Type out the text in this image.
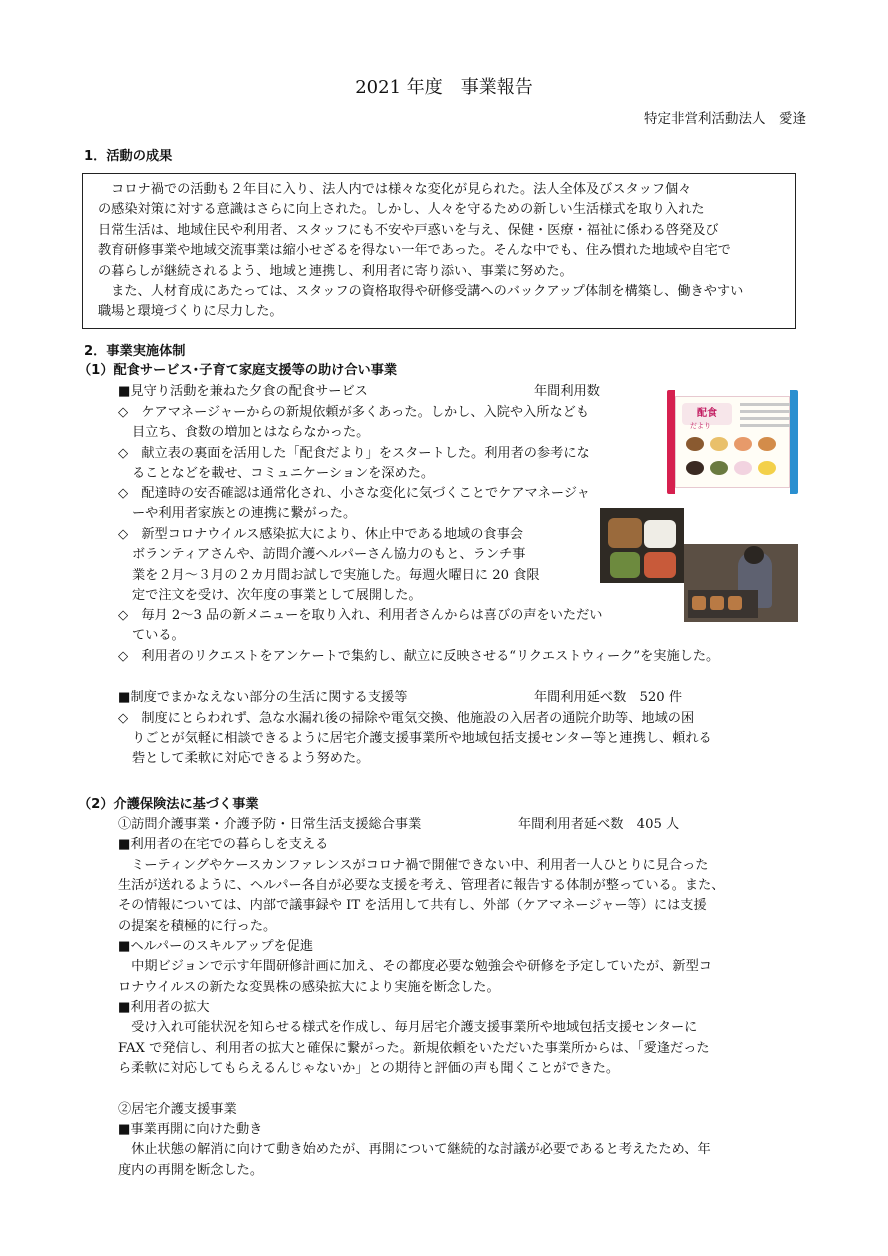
2021 年度　事業報告
特定非営利活動法人　愛逢
1．活動の成果
　コロナ禍での活動も２年目に入り、法人内では様々な変化が見られた。法人全体及びスタッフ個々
の感染対策に対する意識はさらに向上された。しかし、人々を守るための新しい生活様式を取り入れた
日常生活は、地域住民や利用者、スタッフにも不安や戸惑いを与え、保健・医療・福祉に係わる啓発及び
教育研修事業や地域交流事業は縮小せざるを得ない一年であった。そんな中でも、住み慣れた地域や自宅で
の暮らしが継続されるよう、地域と連携し、利用者に寄り添い、事業に努めた。
　また、人材育成にあたっては、スタッフの資格取得や研修受講へのバックアップ体制を構築し、働きやすい
職場と環境づくりに尽力した。
2．事業実施体制
（1）配食サービス･子育て家庭支援等の助け合い事業
■見守り活動を兼ねた夕食の配食サービス	年間利用数
◇　ケアマネージャーからの新規依頼が多くあった。しかし、入院や入所なども
目立ち、食数の増加とはならなかった。
◇　献立表の裏面を活用した「配食だより」をスタートした。利用者の参考にな
ることなどを載せ、コミュニケーションを深めた。
◇　配達時の安否確認は通常化され、小さな変化に気づくことでケアマネージャ
ーや利用者家族との連携に繋がった。
◇　新型コロナウイルス感染拡大により、休止中である地域の食事会
ボランティアさんや、訪問介護ヘルパーさん協力のもと、ランチ事
業を２月～３月の２カ月間お試しで実施した。毎週火曜日に 20 食限
定で注文を受け、次年度の事業として展開した。
◇　毎月 2～3 品の新メニューを取り入れ、利用者さんからは喜びの声をいただい
ている。
◇　利用者のリクエストをアンケートで集約し、献立に反映させる“リクエストウィーク”を実施した。
■制度でまかなえない部分の生活に関する支援等	年間利用延べ数　520 件
◇　制度にとらわれず、急な水漏れ後の掃除や電気交換、他施設の入居者の通院介助等、地域の困
りごとが気軽に相談できるように居宅介護支援事業所や地域包括支援センター等と連携し、頼れる
砦として柔軟に対応できるよう努めた。
（2）介護保険法に基づく事業
①訪問介護事業・介護予防・日常生活支援総合事業	年間利用者延べ数　405 人
■利用者の在宅での暮らしを支える
　ミーティングやケースカンファレンスがコロナ禍で開催できない中、利用者一人ひとりに見合った
生活が送れるように、ヘルパー各自が必要な支援を考え、管理者に報告する体制が整っている。また、
その情報については、内部で議事録や IT を活用して共有し、外部（ケアマネージャー等）には支援
の提案を積極的に行った。
■ヘルパーのスキルアップを促進
　中期ビジョンで示す年間研修計画に加え、その都度必要な勉強会や研修を予定していたが、新型コ
ロナウイルスの新たな変異株の感染拡大により実施を断念した。
■利用者の拡大
　受け入れ可能状況を知らせる様式を作成し、毎月居宅介護支援事業所や地域包括支援センターに
FAX で発信し、利用者の拡大と確保に繋がった。新規依頼をいただいた事業所からは、「愛逢だった
ら柔軟に対応してもらえるんじゃないか」との期待と評価の声も聞くことができた。
②居宅介護支援事業
■事業再開に向けた動き
　休止状態の解消に向けて動き始めたが、再開について継続的な討議が必要であると考えたため、年
度内の再開を断念した。
配食
だより
